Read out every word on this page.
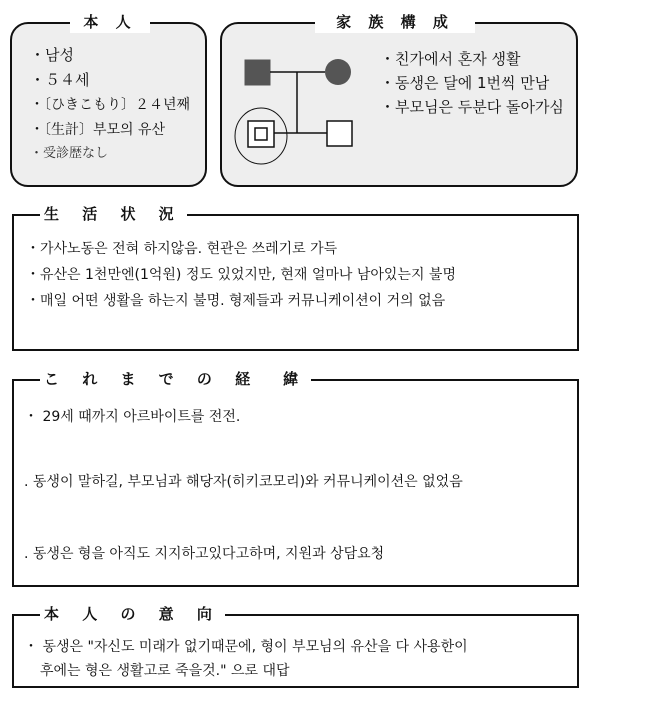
本 人
・남성
・５４세
・〔ひきこもり〕２４년째
・〔生計〕부모의 유산
・受診歴なし
家 族 構 成
・친가에서 혼자 생활
・동생은 달에 1번씩 만남
・부모님은 두분다 돌아가심
生 活 状 況
・가사노동은 전혀 하지않음. 현관은 쓰레기로 가득
・유산은 1천만엔(1억원) 정도 있었지만, 현재 얼마나 남아있는지 불명
・매일 어떤 생활을 하는지 불명. 형제들과 커뮤니케이션이 거의 없음
こ れ ま で の 経　緯
・ 29세 때까지 아르바이트를 전전.
. 동생이 말하길, 부모님과 해당자(히키코모리)와 커뮤니케이션은 없었음
. 동생은 형을 아직도 지지하고있다고하며, 지원과 상담요청
本 人 の 意 向
・ 동생은 "자신도 미래가 없기때문에, 형이 부모님의 유산을 다 사용한이
후에는 형은 생활고로 죽을것." 으로 대답
